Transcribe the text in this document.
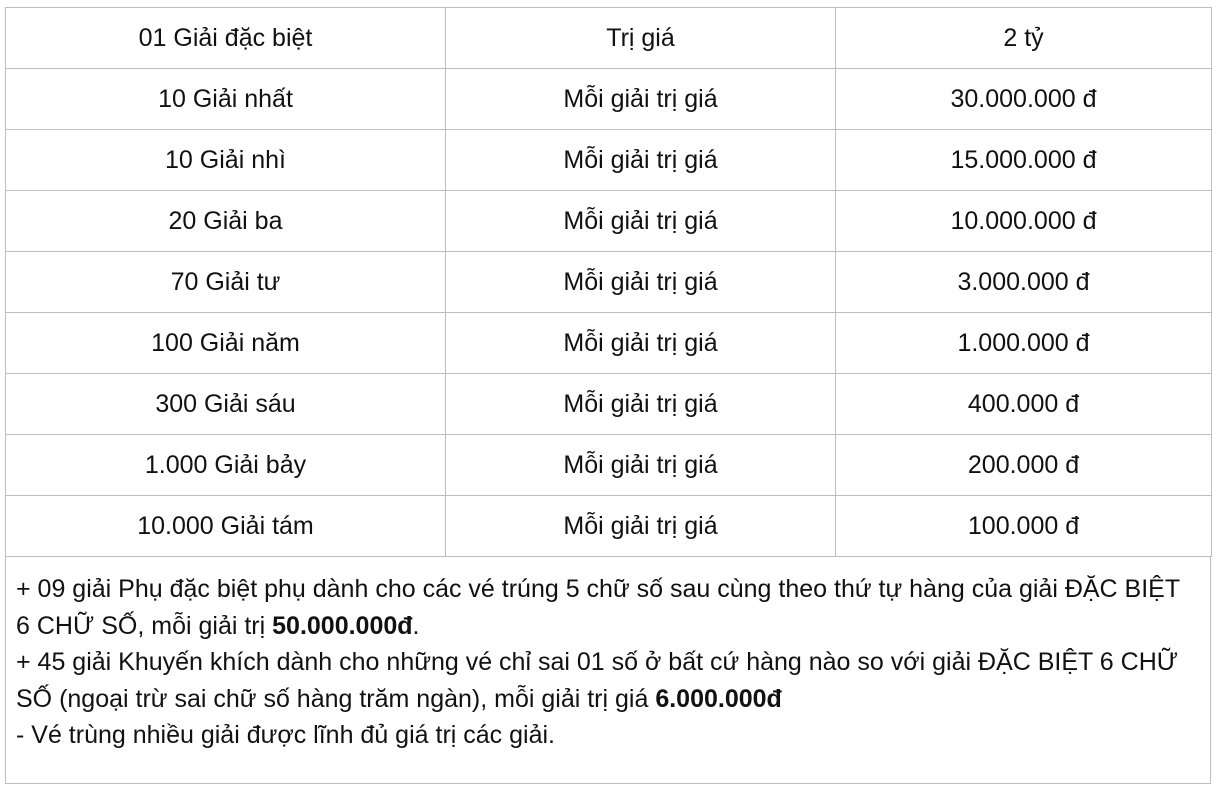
01 Giải đặc biệt	Trị giá	2 tỷ
10 Giải nhất	Mỗi giải trị giá	30.000.000 đ
10 Giải nhì	Mỗi giải trị giá	15.000.000 đ
20 Giải ba	Mỗi giải trị giá	10.000.000 đ
70 Giải tư	Mỗi giải trị giá	3.000.000 đ
100 Giải năm	Mỗi giải trị giá	1.000.000 đ
300 Giải sáu	Mỗi giải trị giá	400.000 đ
1.000 Giải bảy	Mỗi giải trị giá	200.000 đ
10.000 Giải tám	Mỗi giải trị giá	100.000 đ

+ 09 giải Phụ đặc biệt phụ dành cho các vé trúng 5 chữ số sau cùng theo thứ tự hàng của giải ĐẶC BIỆT 6 CHỮ SỐ, mỗi giải trị 50.000.000đ.

+ 45 giải Khuyến khích dành cho những vé chỉ sai 01 số ở bất cứ hàng nào so với giải ĐẶC BIỆT 6 CHỮ SỐ (ngoại trừ sai chữ số hàng trăm ngàn), mỗi giải trị giá 6.000.000đ

- Vé trùng nhiều giải được lĩnh đủ giá trị các giải.
